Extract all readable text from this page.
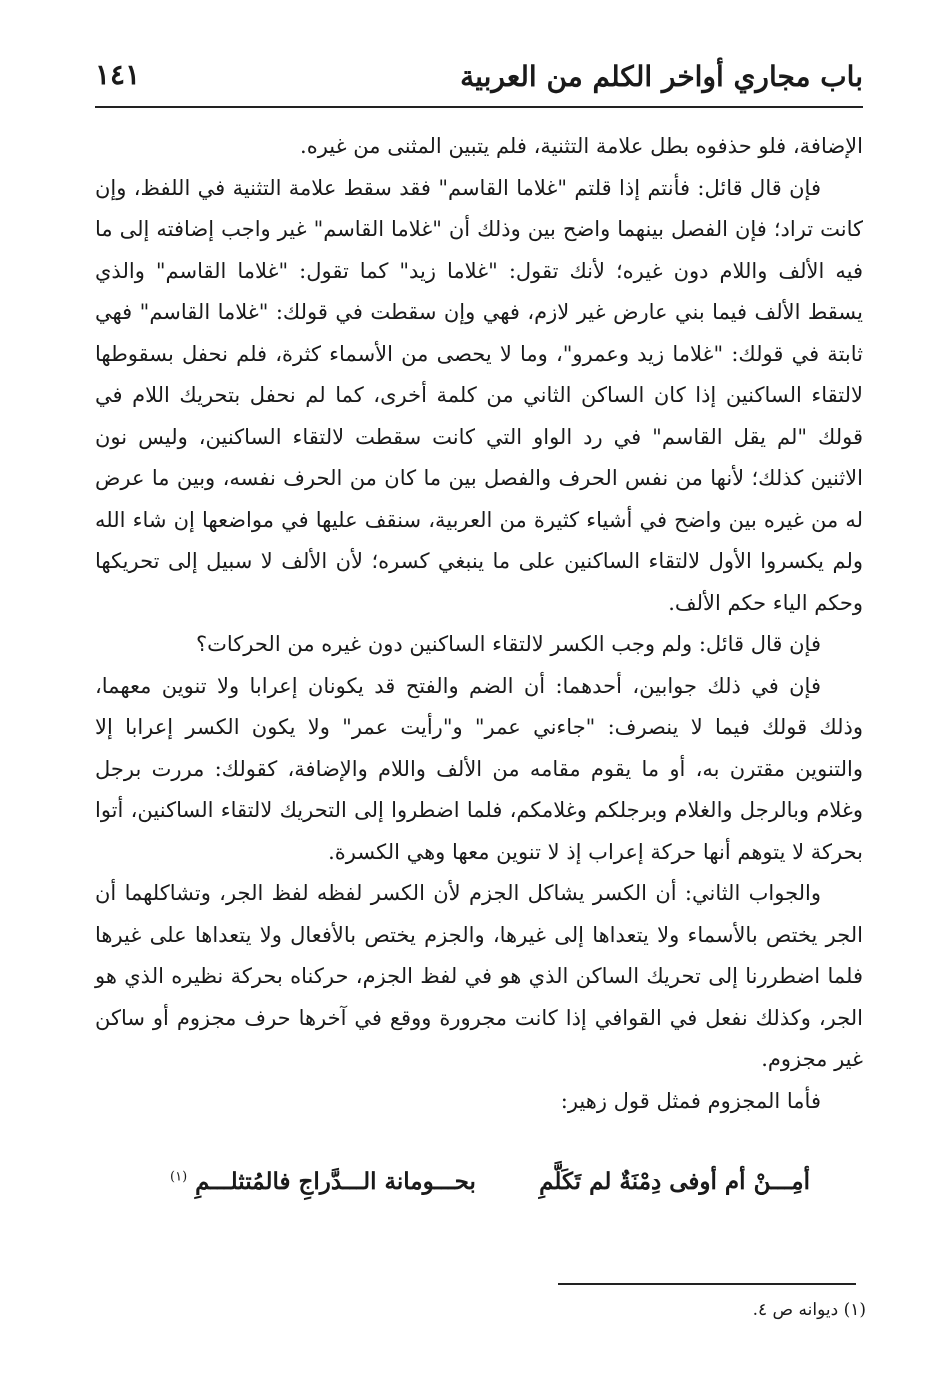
باب مجاري أواخر الكلم من العربية
١٤١

الإضافة، فلو حذفوه بطل علامة التثنية، فلم يتبين المثنى من غيره.

فإن قال قائل: فأنتم إذا قلتم "غلاما القاسم" فقد سقط علامة التثنية في اللفظ، وإن كانت تراد؛ فإن الفصل بينهما واضح بين وذلك أن "غلاما القاسم" غير واجب إضافته إلى ما فيه الألف واللام دون غيره؛ لأنك تقول: "غلاما زيد" كما تقول: "غلاما القاسم" والذي يسقط الألف فيما بني عارض غير لازم، فهي وإن سقطت في قولك: "غلاما القاسم" فهي ثابتة في قولك: "غلاما زيد وعمرو"، وما لا يحصى من الأسماء كثرة، فلم نحفل بسقوطها لالتقاء الساكنين إذا كان الساكن الثاني من كلمة أخرى، كما لم نحفل بتحريك اللام في قولك "لم يقل القاسم" في رد الواو التي كانت سقطت لالتقاء الساكنين، وليس نون الاثنين كذلك؛ لأنها من نفس الحرف والفصل بين ما كان من الحرف نفسه، وبين ما عرض له من غيره بين واضح في أشياء كثيرة من العربية، سنقف عليها في مواضعها إن شاء الله ولم يكسروا الأول لالتقاء الساكنين على ما ينبغي كسره؛ لأن الألف لا سبيل إلى تحريكها وحكم الياء حكم الألف.

فإن قال قائل: ولم وجب الكسر لالتقاء الساكنين دون غيره من الحركات؟

فإن في ذلك جوابين، أحدهما: أن الضم والفتح قد يكونان إعرابا ولا تنوين معهما، وذلك قولك فيما لا ينصرف: "جاءني عمر" و"رأيت عمر" ولا يكون الكسر إعرابا إلا والتنوين مقترن به، أو ما يقوم مقامه من الألف واللام والإضافة، كقولك: مررت برجل وغلام وبالرجل والغلام وبرجلكم وغلامكم، فلما اضطروا إلى التحريك لالتقاء الساكنين، أتوا بحركة لا يتوهم أنها حركة إعراب إذ لا تنوين معها وهي الكسرة.

والجواب الثاني: أن الكسر يشاكل الجزم لأن الكسر لفظه لفظ الجر، وتشاكلهما أن الجر يختص بالأسماء ولا يتعداها إلى غيرها، والجزم يختص بالأفعال ولا يتعداها على غيرها فلما اضطررنا إلى تحريك الساكن الذي هو في لفظ الجزم، حركناه بحركة نظيره الذي هو الجر، وكذلك نفعل في القوافي إذا كانت مجرورة ووقع في آخرها حرف مجزوم أو ساكن غير مجزوم.

فأما المجزوم فمثل قول زهير:

أمِـــنْ أم أوفى دِمْنَةٌ لم تَكَلَّمِ
بحـــومانة الـــدَّراجِ فالمُتثلـــمِ $^{(١)}$
(١) ديوانه ص ٤.
